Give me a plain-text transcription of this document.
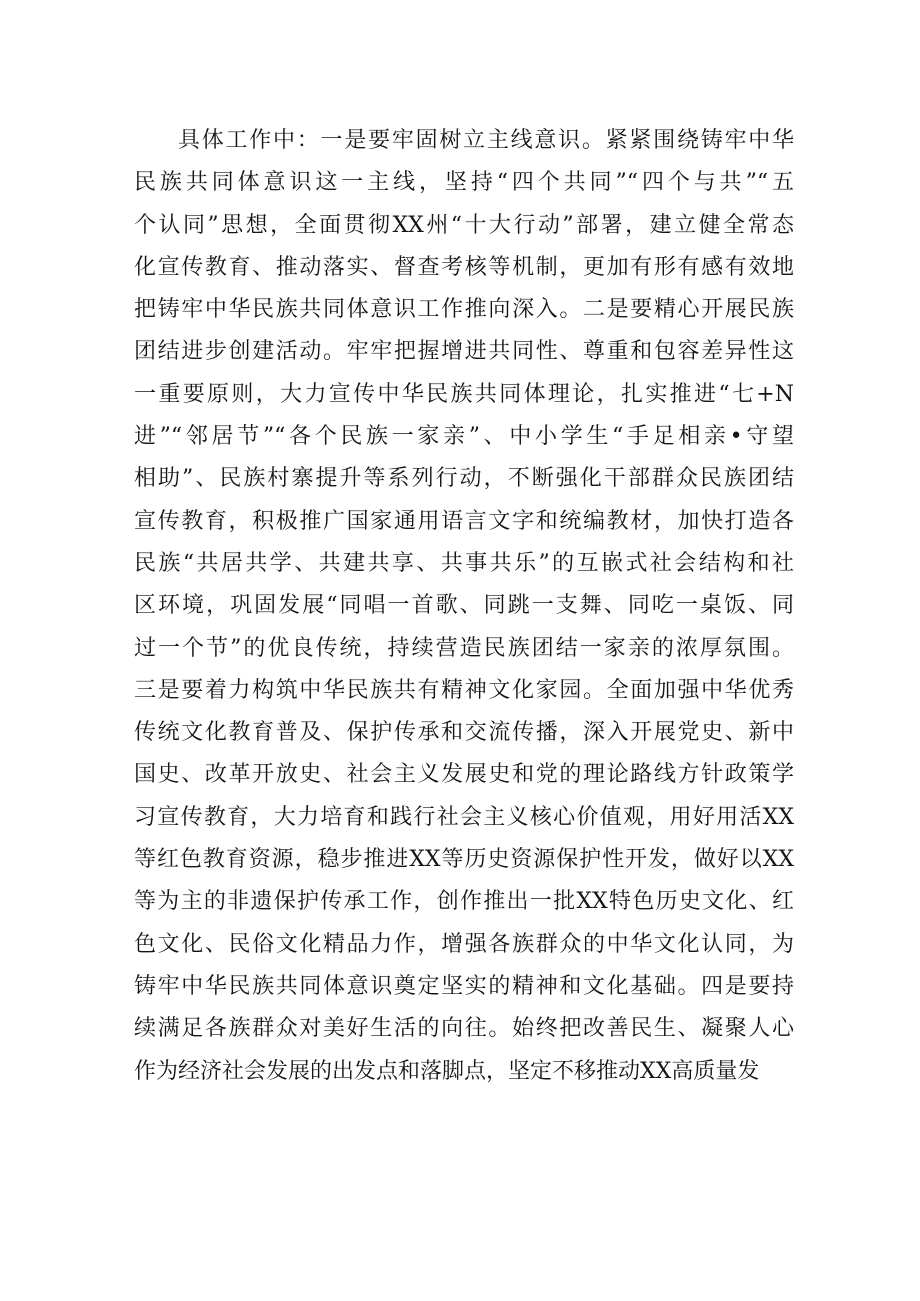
具体工作中：一是要牢固树立主线意识。紧紧围绕铸牢中华
民族共同体意识这一主线，坚持“四个共同”“四个与共”“五
个认同”思想，全面贯彻XX州“十大行动”部署，建立健全常态
化宣传教育、推动落实、督查考核等机制，更加有形有感有效地
把铸牢中华民族共同体意识工作推向深入。二是要精心开展民族
团结进步创建活动。牢牢把握增进共同性、尊重和包容差异性这
一重要原则，大力宣传中华民族共同体理论，扎实推进“七+N
进”“邻居节”“各个民族一家亲”、中小学生“手足相亲•守望
相助”、民族村寨提升等系列行动，不断强化干部群众民族团结
宣传教育，积极推广国家通用语言文字和统编教材，加快打造各
民族“共居共学、共建共享、共事共乐”的互嵌式社会结构和社
区环境，巩固发展“同唱一首歌、同跳一支舞、同吃一桌饭、同
过一个节”的优良传统，持续营造民族团结一家亲的浓厚氛围。
三是要着力构筑中华民族共有精神文化家园。全面加强中华优秀
传统文化教育普及、保护传承和交流传播，深入开展党史、新中
国史、改革开放史、社会主义发展史和党的理论路线方针政策学
习宣传教育，大力培育和践行社会主义核心价值观，用好用活XX
等红色教育资源，稳步推进XX等历史资源保护性开发，做好以XX
等为主的非遗保护传承工作，创作推出一批XX特色历史文化、红
色文化、民俗文化精品力作，增强各族群众的中华文化认同，为
铸牢中华民族共同体意识奠定坚实的精神和文化基础。四是要持
续满足各族群众对美好生活的向往。始终把改善民生、凝聚人心
作为经济社会发展的出发点和落脚点，坚定不移推动XX高质量发
